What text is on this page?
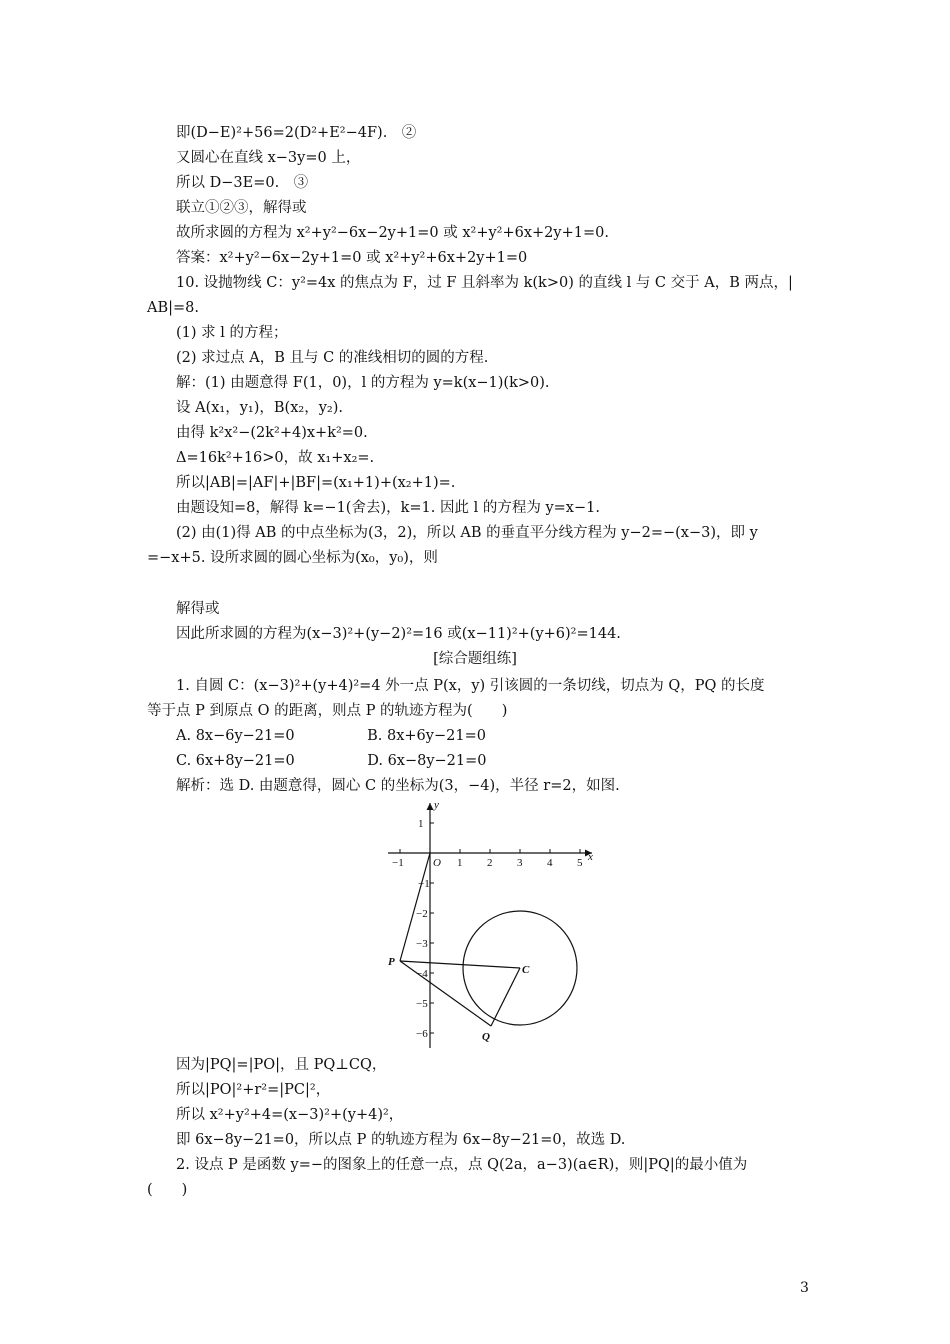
即(D−E)²+56=2(D²+E²−4F).　②
又圆心在直线 x−3y=0 上，
所以 D−3E=0.　③
联立①②③，解得或
故所求圆的方程为 x²+y²−6x−2y+1=0 或 x²+y²+6x+2y+1=0.
答案：x²+y²−6x−2y+1=0 或 x²+y²+6x+2y+1=0
10. 设抛物线 C：y²=4x 的焦点为 F，过 F 且斜率为 k(k>0) 的直线 l 与 C 交于 A，B 两点，|
AB|=8.
(1) 求 l 的方程；
(2) 求过点 A，B 且与 C 的准线相切的圆的方程.
解：(1) 由题意得 F(1，0)，l 的方程为 y=k(x−1)(k>0).
设 A(x₁，y₁)，B(x₂，y₂).
由得 k²x²−(2k²+4)x+k²=0.
Δ=16k²+16>0，故 x₁+x₂=.
所以|AB|=|AF|+|BF|=(x₁+1)+(x₂+1)=.
由题设知=8，解得 k=−1(舍去)，k=1. 因此 l 的方程为 y=x−1.
(2) 由(1)得 AB 的中点坐标为(3，2)，所以 AB 的垂直平分线方程为 y−2=−(x−3)，即 y
=−x+5. 设所求圆的圆心坐标为(x₀，y₀)，则
解得或
因此所求圆的方程为(x−3)²+(y−2)²=16 或(x−11)²+(y+6)²=144.
[综合题组练]
1. 自圆 C：(x−3)²+(y+4)²=4 外一点 P(x，y) 引该圆的一条切线，切点为 Q，PQ 的长度
等于点 P 到原点 O 的距离，则点 P 的轨迹方程为(　　)
A. 8x−6y−21=0　　　　　B. 8x+6y−21=0
C. 6x+8y−21=0　　　　　D. 6x−8y−21=0
解析：选 D. 由题意得，圆心 C 的坐标为(3，−4)，半径 r=2，如图.
因为|PQ|=|PO|，且 PQ⊥CQ，
所以|PO|²+r²=|PC|²，
所以 x²+y²+4=(x−3)²+(y+4)²，
即 6x−8y−21=0，所以点 P 的轨迹方程为 6x−8y−21=0，故选 D.
2. 设点 P 是函数 y=−的图象上的任意一点，点 Q(2a，a−3)(a∈R)，则|PQ|的最小值为
(　　)
x
y
O
−1	1 2 3 4 5
1
−1
−2
−3
−4
−5
−6
P
C
Q
3
